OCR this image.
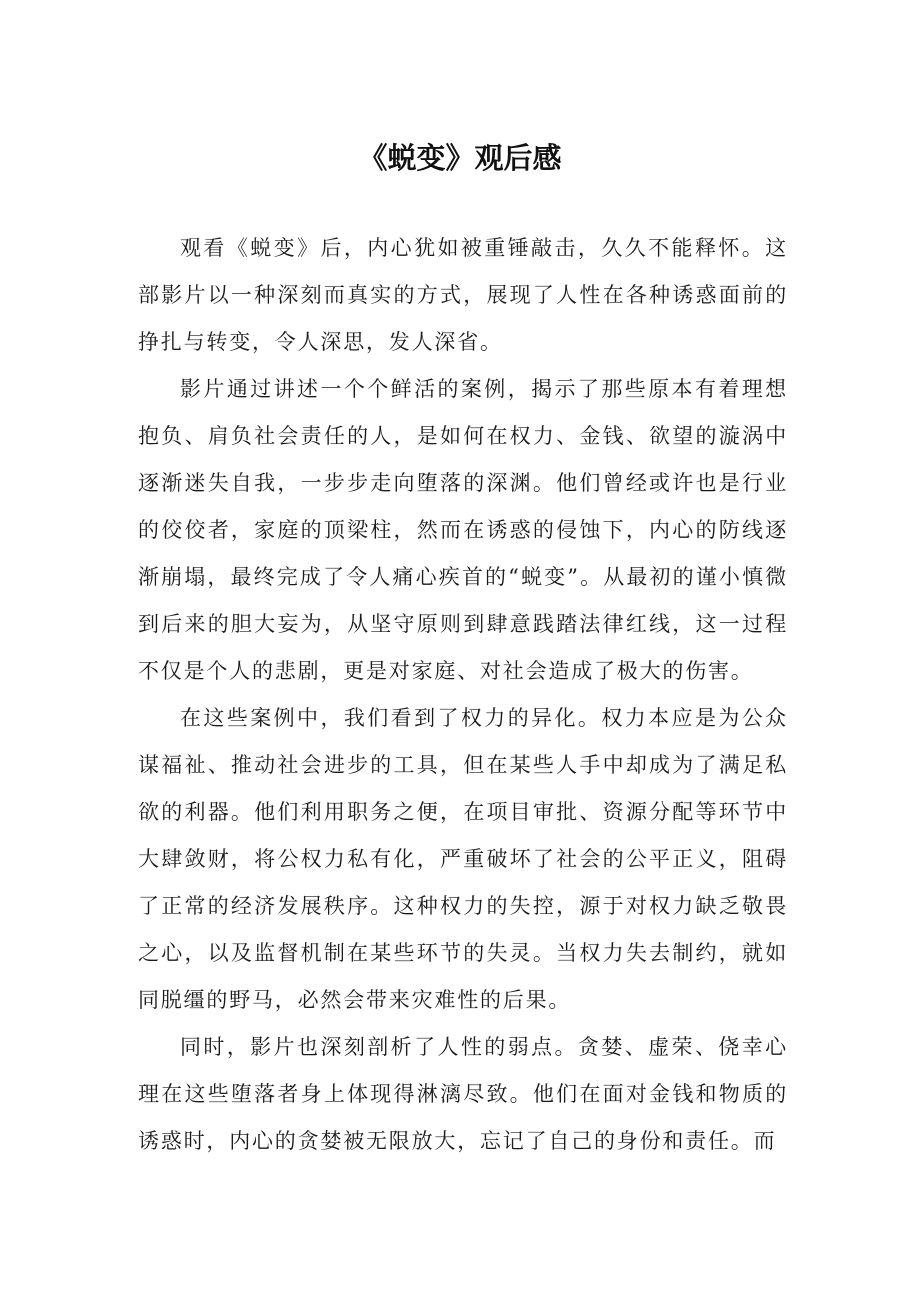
《蜕变》观后感

观看《蜕变》后，内心犹如被重锤敲击，久久不能释怀。这部影片以一种深刻而真实的方式，展现了人性在各种诱惑面前的挣扎与转变，令人深思，发人深省。

影片通过讲述一个个鲜活的案例，揭示了那些原本有着理想抱负、肩负社会责任的人，是如何在权力、金钱、欲望的漩涡中逐渐迷失自我，一步步走向堕落的深渊。他们曾经或许也是行业的佼佼者，家庭的顶梁柱，然而在诱惑的侵蚀下，内心的防线逐渐崩塌，最终完成了令人痛心疾首的“蜕变”。从最初的谨小慎微到后来的胆大妄为，从坚守原则到肆意践踏法律红线，这一过程不仅是个人的悲剧，更是对家庭、对社会造成了极大的伤害。

在这些案例中，我们看到了权力的异化。权力本应是为公众谋福祉、推动社会进步的工具，但在某些人手中却成为了满足私欲的利器。他们利用职务之便，在项目审批、资源分配等环节中大肆敛财，将公权力私有化，严重破坏了社会的公平正义，阻碍了正常的经济发展秩序。这种权力的失控，源于对权力缺乏敬畏之心，以及监督机制在某些环节的失灵。当权力失去制约，就如同脱缰的野马，必然会带来灾难性的后果。

同时，影片也深刻剖析了人性的弱点。贪婪、虚荣、侥幸心理在这些堕落者身上体现得淋漓尽致。他们在面对金钱和物质的诱惑时，内心的贪婪被无限放大，忘记了自己的身份和责任。而
